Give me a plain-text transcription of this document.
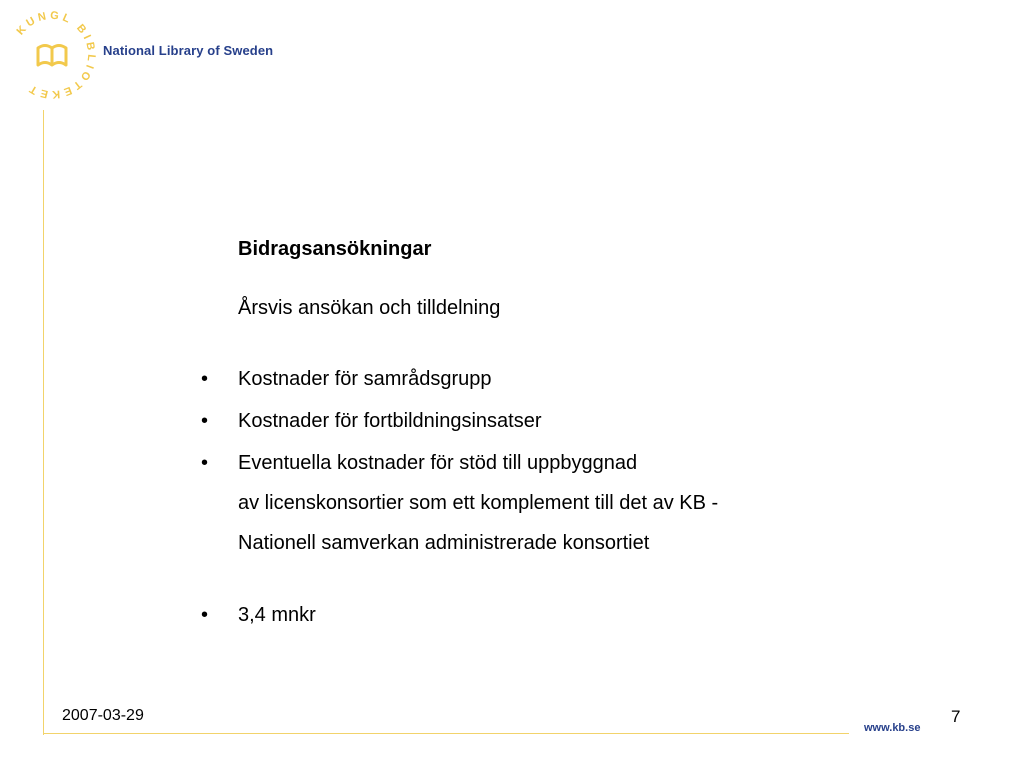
KUNGL BIBLIOTEKET
National Library of Sweden
Bidragsansökningar
Årsvis ansökan och tilldelning
•	Kostnader för samrådsgrupp
•	Kostnader för fortbildningsinsatser
•	Eventuella kostnader för stöd till uppbyggnad
av licenskonsortier som ett komplement till det av KB -
Nationell samverkan administrerade konsortiet
•	3,4 mnkr
2007-03-29	7
www.kb.se
